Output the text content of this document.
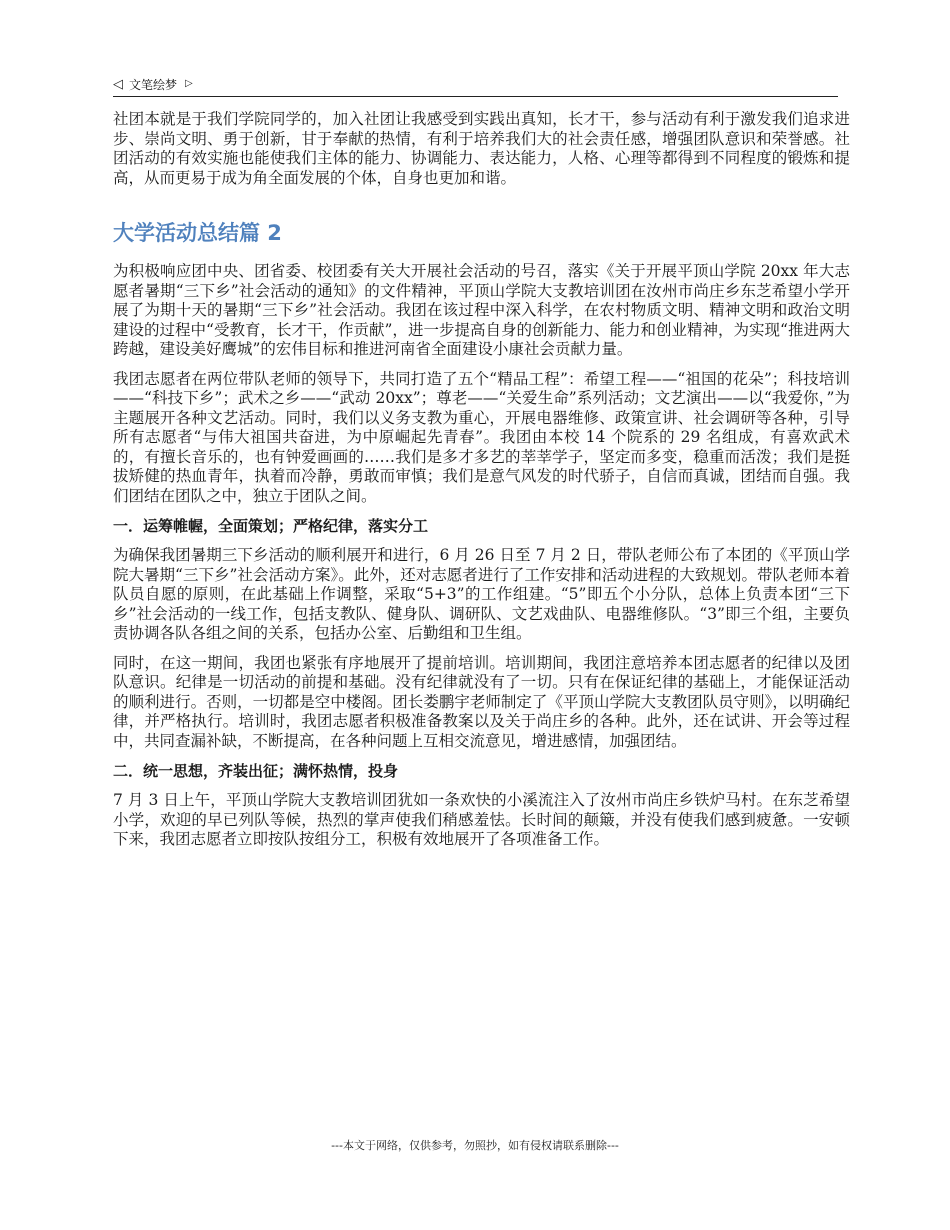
◁ 文笔绘梦 ▷

社团本就是于我们学院同学的，加入社团让我感受到实践出真知，长才干，参与活动有利于激发我们追求进步、崇尚文明、勇于创新，甘于奉献的热情，有利于培养我们大的社会责任感，增强团队意识和荣誉感。社团活动的有效实施也能使我们主体的能力、协调能力、表达能力，人格、心理等都得到不同程度的锻炼和提高，从而更易于成为角全面发展的个体，自身也更加和谐。

大学活动总结篇 2

为积极响应团中央、团省委、校团委有关大开展社会活动的号召，落实《关于开展平顶山学院 20xx 年大志愿者暑期“三下乡”社会活动的通知》的文件精神，平顶山学院大支教培训团在汝州市尚庄乡东芝希望小学开展了为期十天的暑期“三下乡”社会活动。我团在该过程中深入科学，在农村物质文明、精神文明和政治文明建设的过程中“受教育，长才干，作贡献”，进一步提高自身的创新能力、能力和创业精神，为实现“推进两大跨越，建设美好鹰城”的宏伟目标和推进河南省全面建设小康社会贡献力量。

我团志愿者在两位带队老师的领导下，共同打造了五个“精品工程”：希望工程——“祖国的花朵”；科技培训——“科技下乡”；武术之乡——“武动 20xx”；尊老——“关爱生命”系列活动；文艺演出——以“我爱你，”为主题展开各种文艺活动。同时，我们以义务支教为重心，开展电器维修、政策宣讲、社会调研等各种，引导所有志愿者“与伟大祖国共奋进，为中原崛起先青春”。我团由本校 14 个院系的 29 名组成，有喜欢武术的，有擅长音乐的，也有钟爱画画的……我们是多才多艺的莘莘学子，坚定而多变，稳重而活泼；我们是挺拔矫健的热血青年，执着而冷静，勇敢而审慎；我们是意气风发的时代骄子，自信而真诚，团结而自强。我们团结在团队之中，独立于团队之间。

一．运筹帷幄，全面策划；严格纪律，落实分工

为确保我团暑期三下乡活动的顺利展开和进行，6 月 26 日至 7 月 2 日，带队老师公布了本团的《平顶山学院大暑期“三下乡”社会活动方案》。此外，还对志愿者进行了工作安排和活动进程的大致规划。带队老师本着队员自愿的原则，在此基础上作调整，采取“5+3”的工作组建。“5”即五个小分队，总体上负责本团“三下乡”社会活动的一线工作，包括支教队、健身队、调研队、文艺戏曲队、电器维修队。“3”即三个组，主要负责协调各队各组之间的关系，包括办公室、后勤组和卫生组。

同时，在这一期间，我团也紧张有序地展开了提前培训。培训期间，我团注意培养本团志愿者的纪律以及团队意识。纪律是一切活动的前提和基础。没有纪律就没有了一切。只有在保证纪律的基础上，才能保证活动的顺利进行。否则，一切都是空中楼阁。团长娄鹏宇老师制定了《平顶山学院大支教团队员守则》，以明确纪律，并严格执行。培训时，我团志愿者积极准备教案以及关于尚庄乡的各种。此外，还在试讲、开会等过程中，共同查漏补缺，不断提高，在各种问题上互相交流意见，增进感情，加强团结。

二．统一思想，齐装出征；满怀热情，投身

7 月 3 日上午，平顶山学院大支教培训团犹如一条欢快的小溪流注入了汝州市尚庄乡铁炉马村。在东芝希望小学，欢迎的早已列队等候，热烈的掌声使我们稍感羞怯。长时间的颠簸，并没有使我们感到疲惫。一安顿下来，我团志愿者立即按队按组分工，积极有效地展开了各项准备工作。

---本文于网络，仅供参考，勿照抄，如有侵权请联系删除---
